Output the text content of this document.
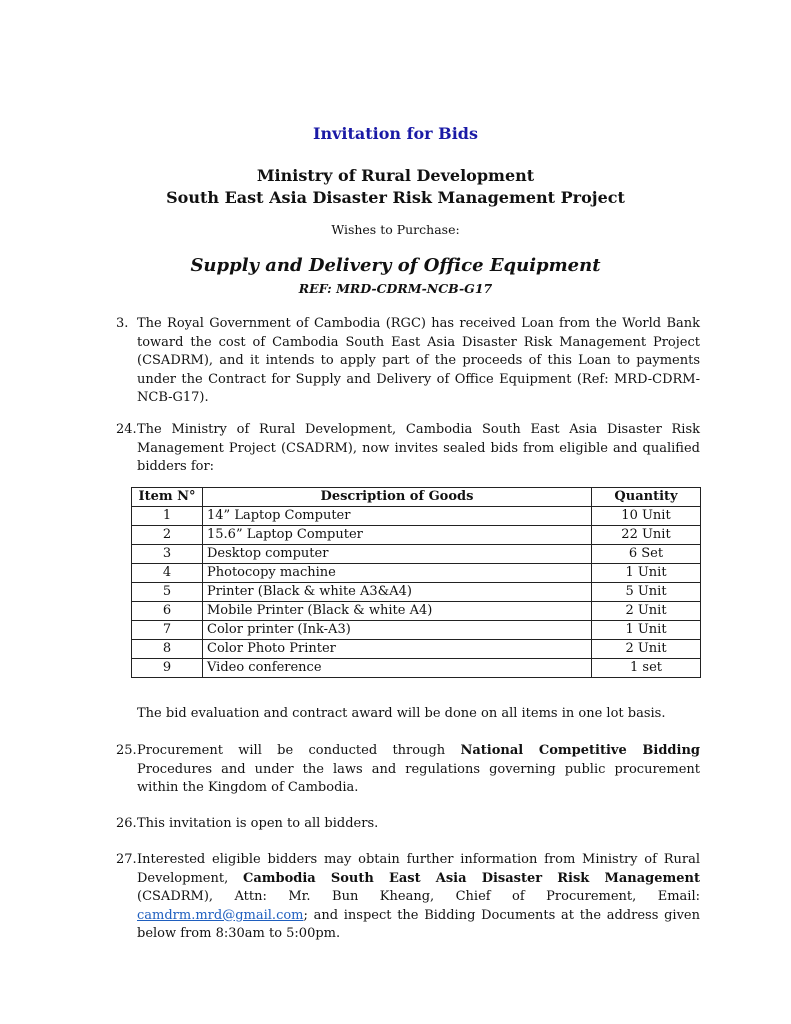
Invitation for Bids
Ministry of Rural Development
South East Asia Disaster Risk Management Project
Wishes to Purchase:
Supply and Delivery of Office Equipment
REF: MRD-CDRM-NCB-G17
3. The Royal Government of Cambodia (RGC) has received Loan from the World Bank toward the cost of Cambodia South East Asia Disaster Risk Management Project (CSADRM), and it intends to apply part of the proceeds of this Loan to payments under the Contract for Supply and Delivery of Office Equipment (Ref: MRD-CDRM-NCB-G17).
24. The Ministry of Rural Development, Cambodia South East Asia Disaster Risk Management Project (CSADRM), now invites sealed bids from eligible and qualified bidders for:
Item N°	Description of Goods	Quantity
1	14” Laptop Computer	10 Unit
2	15.6” Laptop Computer	22 Unit
3	Desktop computer	6 Set
4	Photocopy machine	1 Unit
5	Printer (Black & white A3&A4)	5 Unit
6	Mobile Printer (Black & white A4)	2 Unit
7	Color printer (Ink-A3)	1 Unit
8	Color Photo Printer	2 Unit
9	Video conference	1 set
The bid evaluation and contract award will be done on all items in one lot basis.
25. Procurement will be conducted through National Competitive Bidding Procedures and under the laws and regulations governing public procurement within the Kingdom of Cambodia.
26. This invitation is open to all bidders.
27. Interested eligible bidders may obtain further information from Ministry of Rural Development, Cambodia South East Asia Disaster Risk Management (CSADRM), Attn: Mr. Bun Kheang, Chief of Procurement, Email: camdrm.mrd@gmail.com; and inspect the Bidding Documents at the address given below from 8:30am to 5:00pm.
